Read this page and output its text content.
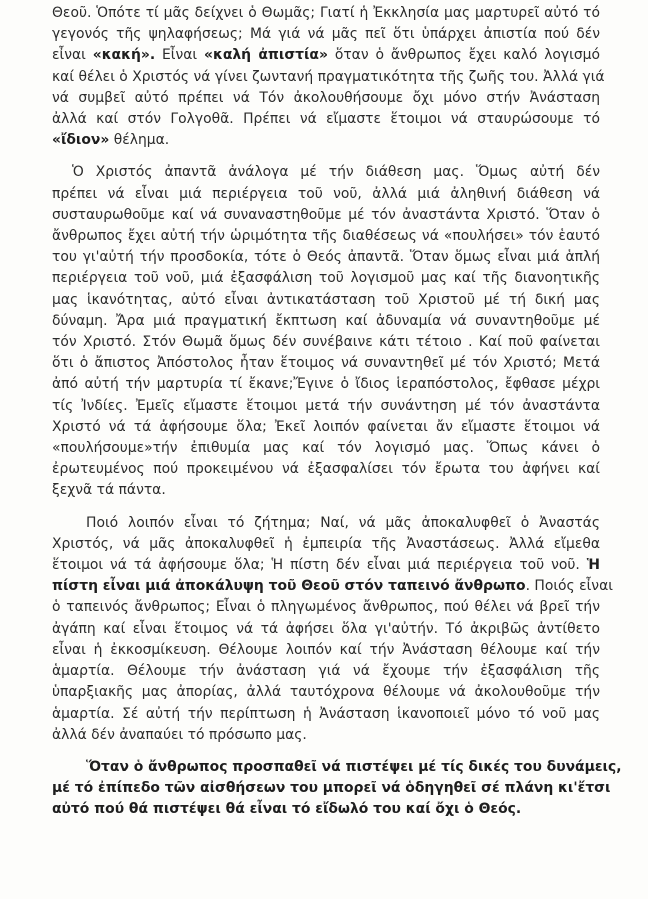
Θεοῦ. Ὁπότε τί μᾶς δείχνει ὁ Θωμᾶς; Γιατί ἡ Ἐκκλησία μας μαρτυρεῖ αὐτό τό
γεγονός τῆς ψηλαφήσεως; Μά γιά νά μᾶς πεῖ ὅτι ὑπάρχει ἀπιστία πού δέν
εἶναι «κακή». Εἶναι «καλή ἀπιστία» ὅταν ὁ ἄνθρωπος ἔχει καλό λογισμό
καί θέλει ὁ Χριστός νά γίνει ζωντανή πραγματικότητα τῆς ζωῆς του. Ἀλλά γιά
νά συμβεῖ αὐτό πρέπει νά Τόν ἀκολουθήσουμε ὄχι μόνο στήν Ἀνάσταση
ἀλλά καί στόν Γολγοθᾶ. Πρέπει νά εἴμαστε ἕτοιμοι νά σταυρώσουμε τό
«ἴδιον» θέλημα.
Ὁ Χριστός ἀπαντᾶ ἀνάλογα μέ τήν διάθεση μας. Ὅμως αὐτή δέν
πρέπει νά εἶναι μιά περιέργεια τοῦ νοῦ, ἀλλά μιά ἀληθινή διάθεση νά
συσταυρωθοῦμε καί νά συναναστηθοῦμε μέ τόν ἀναστάντα Χριστό. Ὅταν ὁ
ἄνθρωπος ἔχει αὐτή τήν ὡριμότητα τῆς διαθέσεως νά «πουλήσει» τόν ἑαυτό
του γι'αὐτή τήν προσδοκία, τότε ὁ Θεός ἀπαντᾶ. Ὅταν ὅμως εἶναι μιά ἁπλή
περιέργεια τοῦ νοῦ, μιά ἐξασφάλιση τοῦ λογισμοῦ μας καί τῆς διανοητικῆς
μας ἱκανότητας, αὐτό εἶναι ἀντικατάσταση τοῦ Χριστοῦ μέ τή δική μας
δύναμη. Ἄρα μιά πραγματική ἔκπτωση καί ἀδυναμία νά συναντηθοῦμε μέ
τόν Χριστό. Στόν Θωμᾶ ὅμως δέν συνέβαινε κάτι τέτοιο . Καί ποῦ φαίνεται
ὅτι ὁ ἄπιστος Ἀπόστολος ἦταν ἕτοιμος νά συναντηθεῖ μέ τόν Χριστό; Μετά
ἀπό αὐτή τήν μαρτυρία τί ἔκανε;Ἔγινε ὁ ἴδιος ἱεραπόστολος, ἔφθασε μέχρι
τίς Ἰνδίες. Ἐμεῖς εἴμαστε ἕτοιμοι μετά τήν συνάντηση μέ τόν ἀναστάντα
Χριστό νά τά ἀφήσουμε ὅλα; Ἐκεῖ λοιπόν φαίνεται ἄν εἴμαστε ἕτοιμοι νά
«πουλήσουμε»τήν ἐπιθυμία μας καί τόν λογισμό μας. Ὅπως κάνει ὁ
ἐρωτευμένος πού προκειμένου νά ἐξασφαλίσει τόν ἔρωτα του ἀφήνει καί
ξεχνᾶ τά πάντα.
Ποιό λοιπόν εἶναι τό ζήτημα; Ναί, νά μᾶς ἀποκαλυφθεῖ ὁ Ἀναστάς
Χριστός, νά μᾶς ἀποκαλυφθεῖ ἡ ἐμπειρία τῆς Ἀναστάσεως. Ἀλλά εἴμεθα
ἕτοιμοι νά τά ἀφήσουμε ὅλα; Ἡ πίστη δέν εἶναι μιά περιέργεια τοῦ νοῦ. Ἡ
πίστη εἶναι μιά ἀποκάλυψη τοῦ Θεοῦ στόν ταπεινό ἄνθρωπο. Ποιός εἶναι
ὁ ταπεινός ἄνθρωπος; Εἶναι ὁ πληγωμένος ἄνθρωπος, πού θέλει νά βρεῖ τήν
ἀγάπη καί εἶναι ἕτοιμος νά τά ἀφήσει ὅλα γι'αὐτήν. Τό ἀκριβῶς ἀντίθετο
εἶναι ἡ ἐκκοσμίκευση. Θέλουμε λοιπόν καί τήν Ἀνάσταση θέλουμε καί τήν
ἁμαρτία. Θέλουμε τήν ἀνάσταση γιά νά ἔχουμε τήν ἐξασφάλιση τῆς
ὑπαρξιακῆς μας ἀπορίας, ἀλλά ταυτόχρονα θέλουμε νά ἀκολουθοῦμε τήν
ἁμαρτία. Σέ αὐτή τήν περίπτωση ἡ Ἀνάσταση ἱκανοποιεῖ μόνο τό νοῦ μας
ἀλλά δέν ἀναπαύει τό πρόσωπο μας.
Ὅταν ὁ ἄνθρωπος προσπαθεῖ νά πιστέψει μέ τίς δικές του δυνάμεις,
μέ τό ἐπίπεδο τῶν αἰσθήσεων του μπορεῖ νά ὁδηγηθεῖ σέ πλάνη κι'ἔτσι
αὐτό πού θά πιστέψει θά εἶναι τό εἴδωλό του καί ὄχι ὁ Θεός.
